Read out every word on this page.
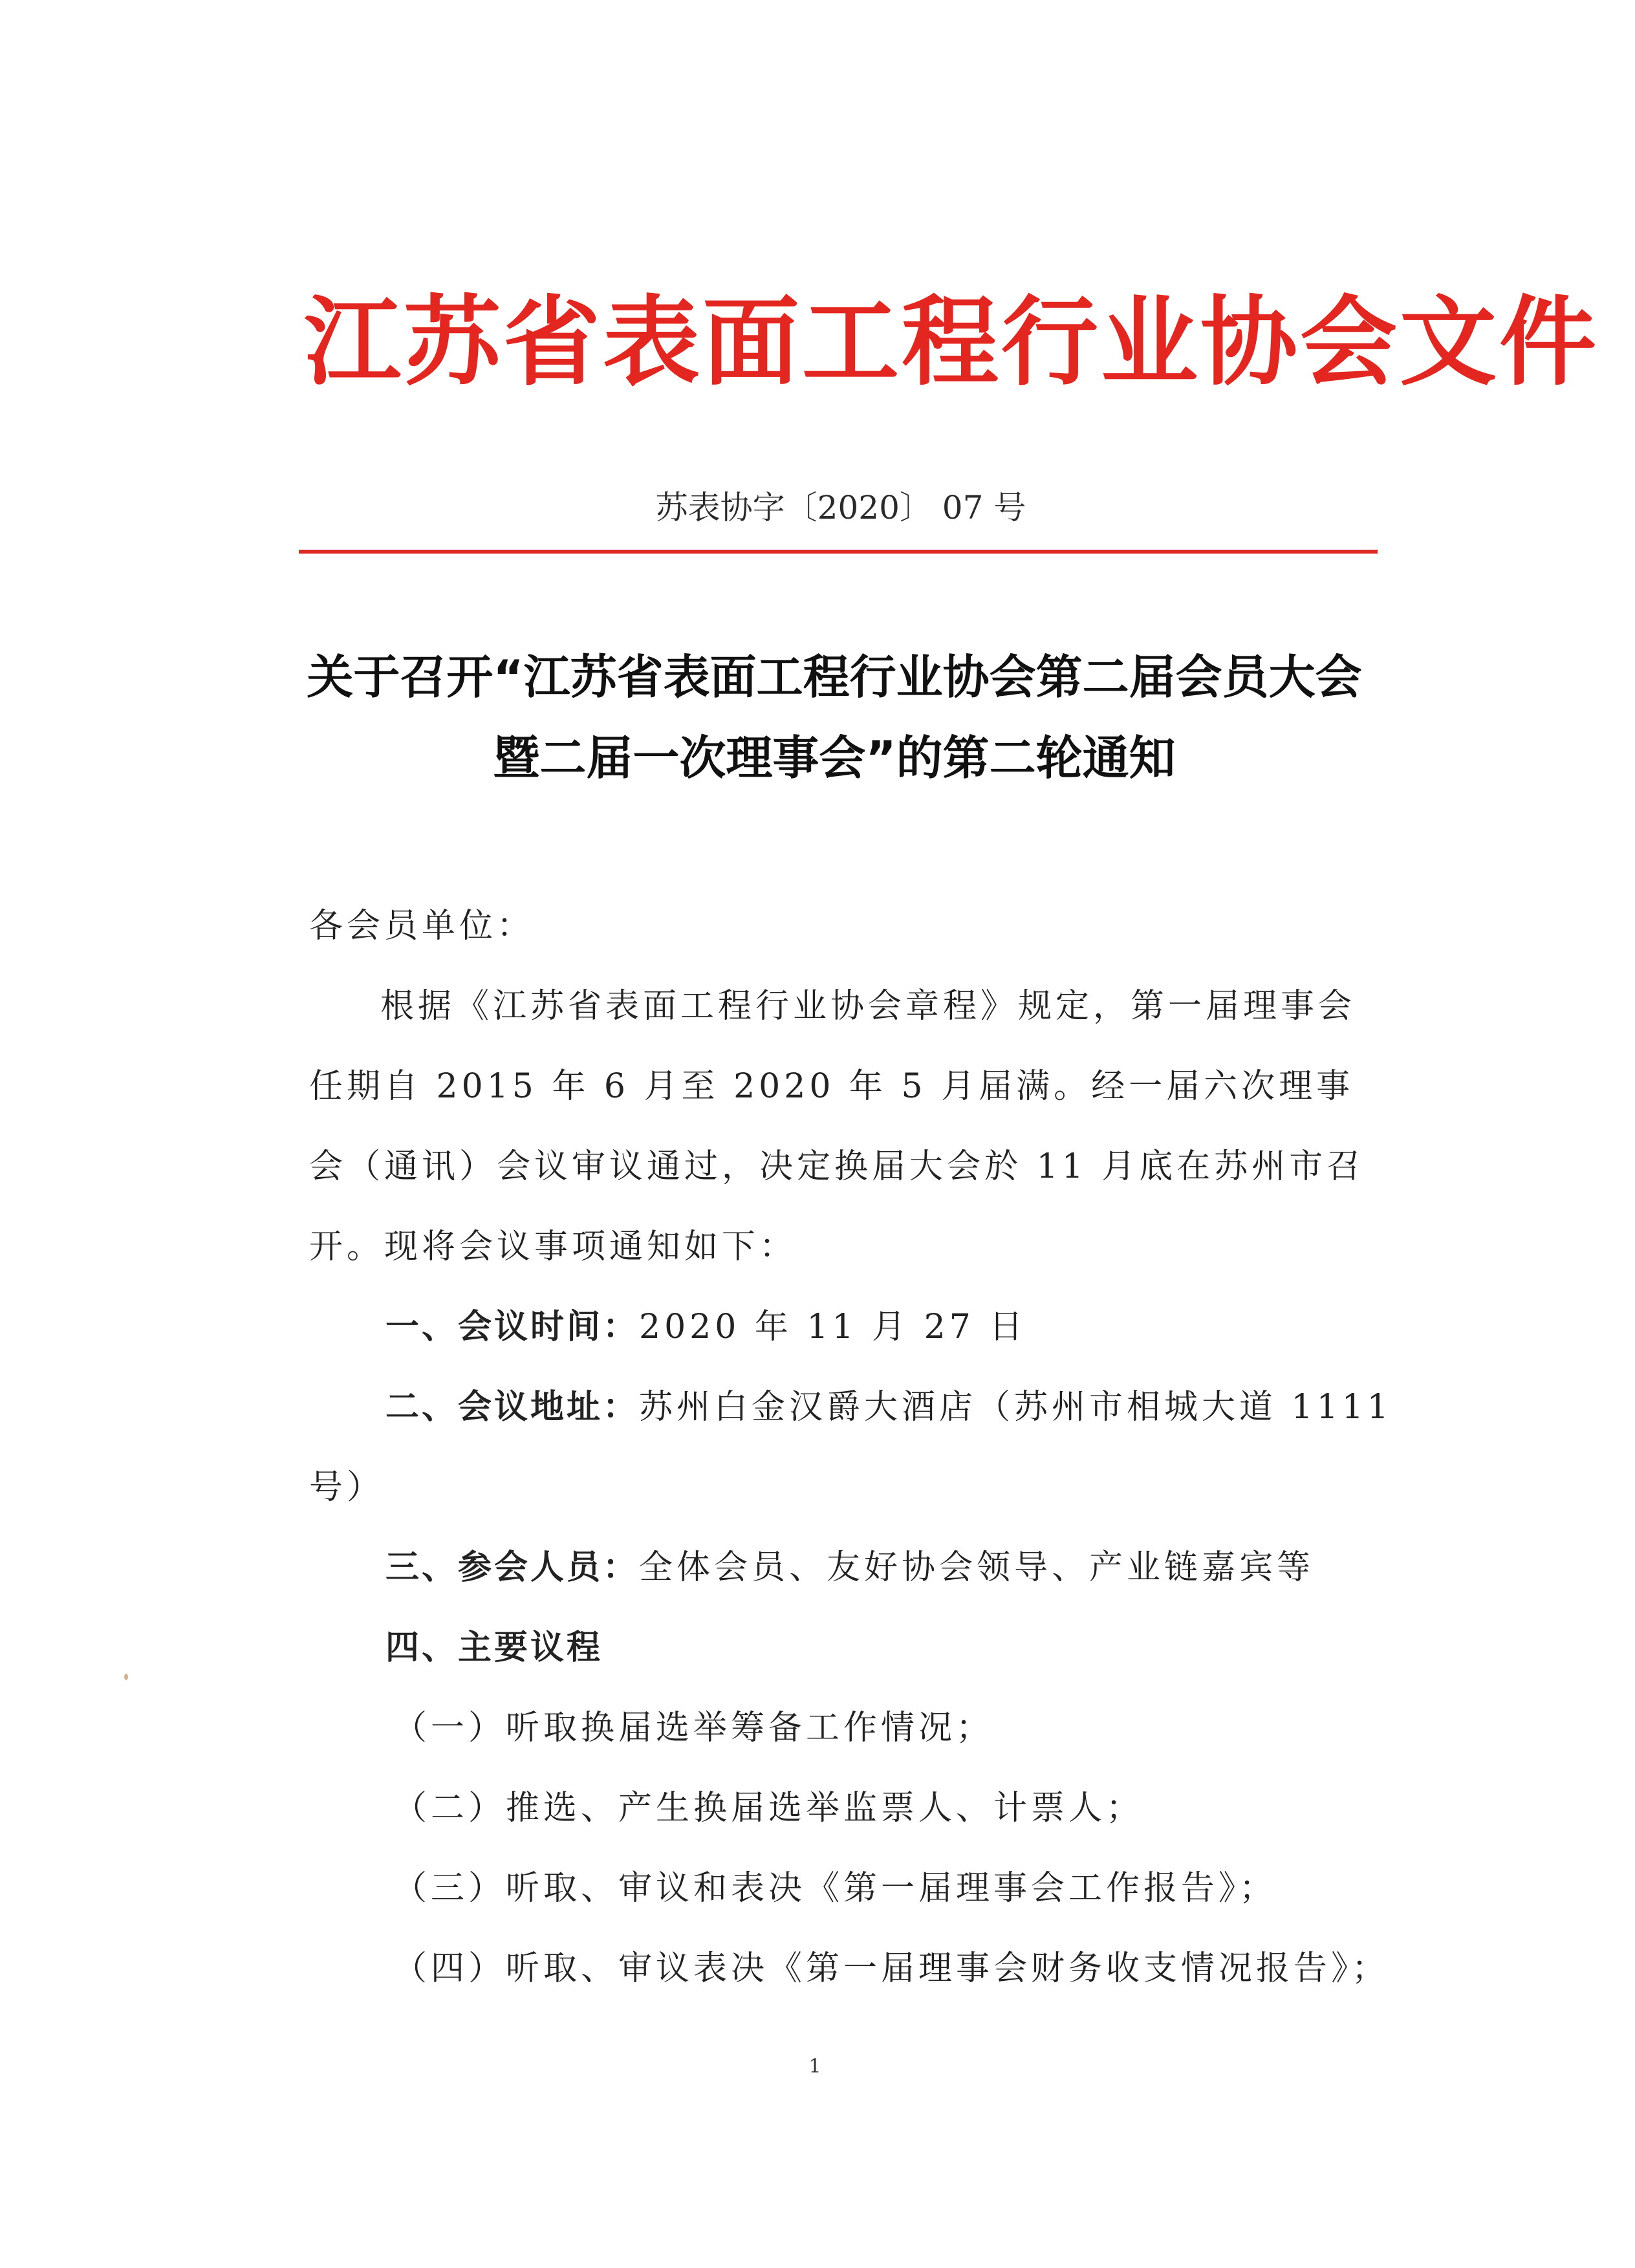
江苏省表面工程行业协会文件
苏表协字〔2020〕 07 号
关于召开“江苏省表面工程行业协会第二届会员大会
暨二届一次理事会”的第二轮通知

各会员单位：

根据《江苏省表面工程行业协会章程》规定，第一届理事会任期自 2015 年 6 月至 2020 年 5 月届满。经一届六次理事会（通讯）会议审议通过，决定换届大会於 11 月底在苏州市召开。现将会议事项通知如下：

一、会议时间：2020 年 11 月 27 日

二、会议地址：苏州白金汉爵大酒店（苏州市相城大道 1111

号）

三、参会人员：全体会员、友好协会领导、产业链嘉宾等

四、主要议程

（一）听取换届选举筹备工作情况；

（二）推选、产生换届选举监票人、计票人；

（三）听取、审议和表决《第一届理事会工作报告》；

（四）听取、审议表决《第一届理事会财务收支情况报告》；

1
